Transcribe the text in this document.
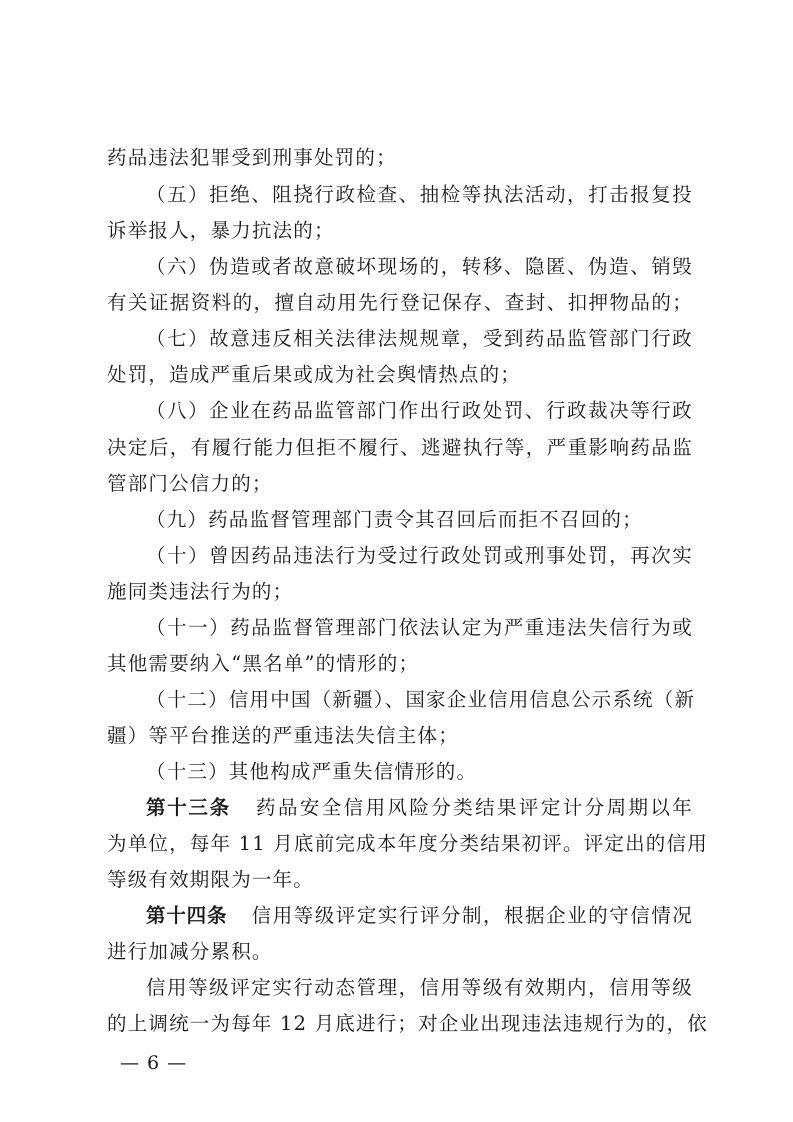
药品违法犯罪受到刑事处罚的；
（五）拒绝、阻挠行政检查、抽检等执法活动，打击报复投
诉举报人，暴力抗法的；
（六）伪造或者故意破坏现场的，转移、隐匿、伪造、销毁
有关证据资料的，擅自动用先行登记保存、查封、扣押物品的；
（七）故意违反相关法律法规规章，受到药品监管部门行政
处罚，造成严重后果或成为社会舆情热点的；
（八）企业在药品监管部门作出行政处罚、行政裁决等行政
决定后，有履行能力但拒不履行、逃避执行等，严重影响药品监
管部门公信力的；
（九）药品监督管理部门责令其召回后而拒不召回的；
（十）曾因药品违法行为受过行政处罚或刑事处罚，再次实
施同类违法行为的；
（十一）药品监督管理部门依法认定为严重违法失信行为或
其他需要纳入“黑名单”的情形的；
（十二）信用中国（新疆）、国家企业信用信息公示系统（新
疆）等平台推送的严重违法失信主体；
（十三）其他构成严重失信情形的。
第十三条 药品安全信用风险分类结果评定计分周期以年
为单位，每年 11 月底前完成本年度分类结果初评。评定出的信用
等级有效期限为一年。
第十四条 信用等级评定实行评分制，根据企业的守信情况
进行加减分累积。
信用等级评定实行动态管理，信用等级有效期内，信用等级
的上调统一为每年 12 月底进行；对企业出现违法违规行为的，依
— 6 —
